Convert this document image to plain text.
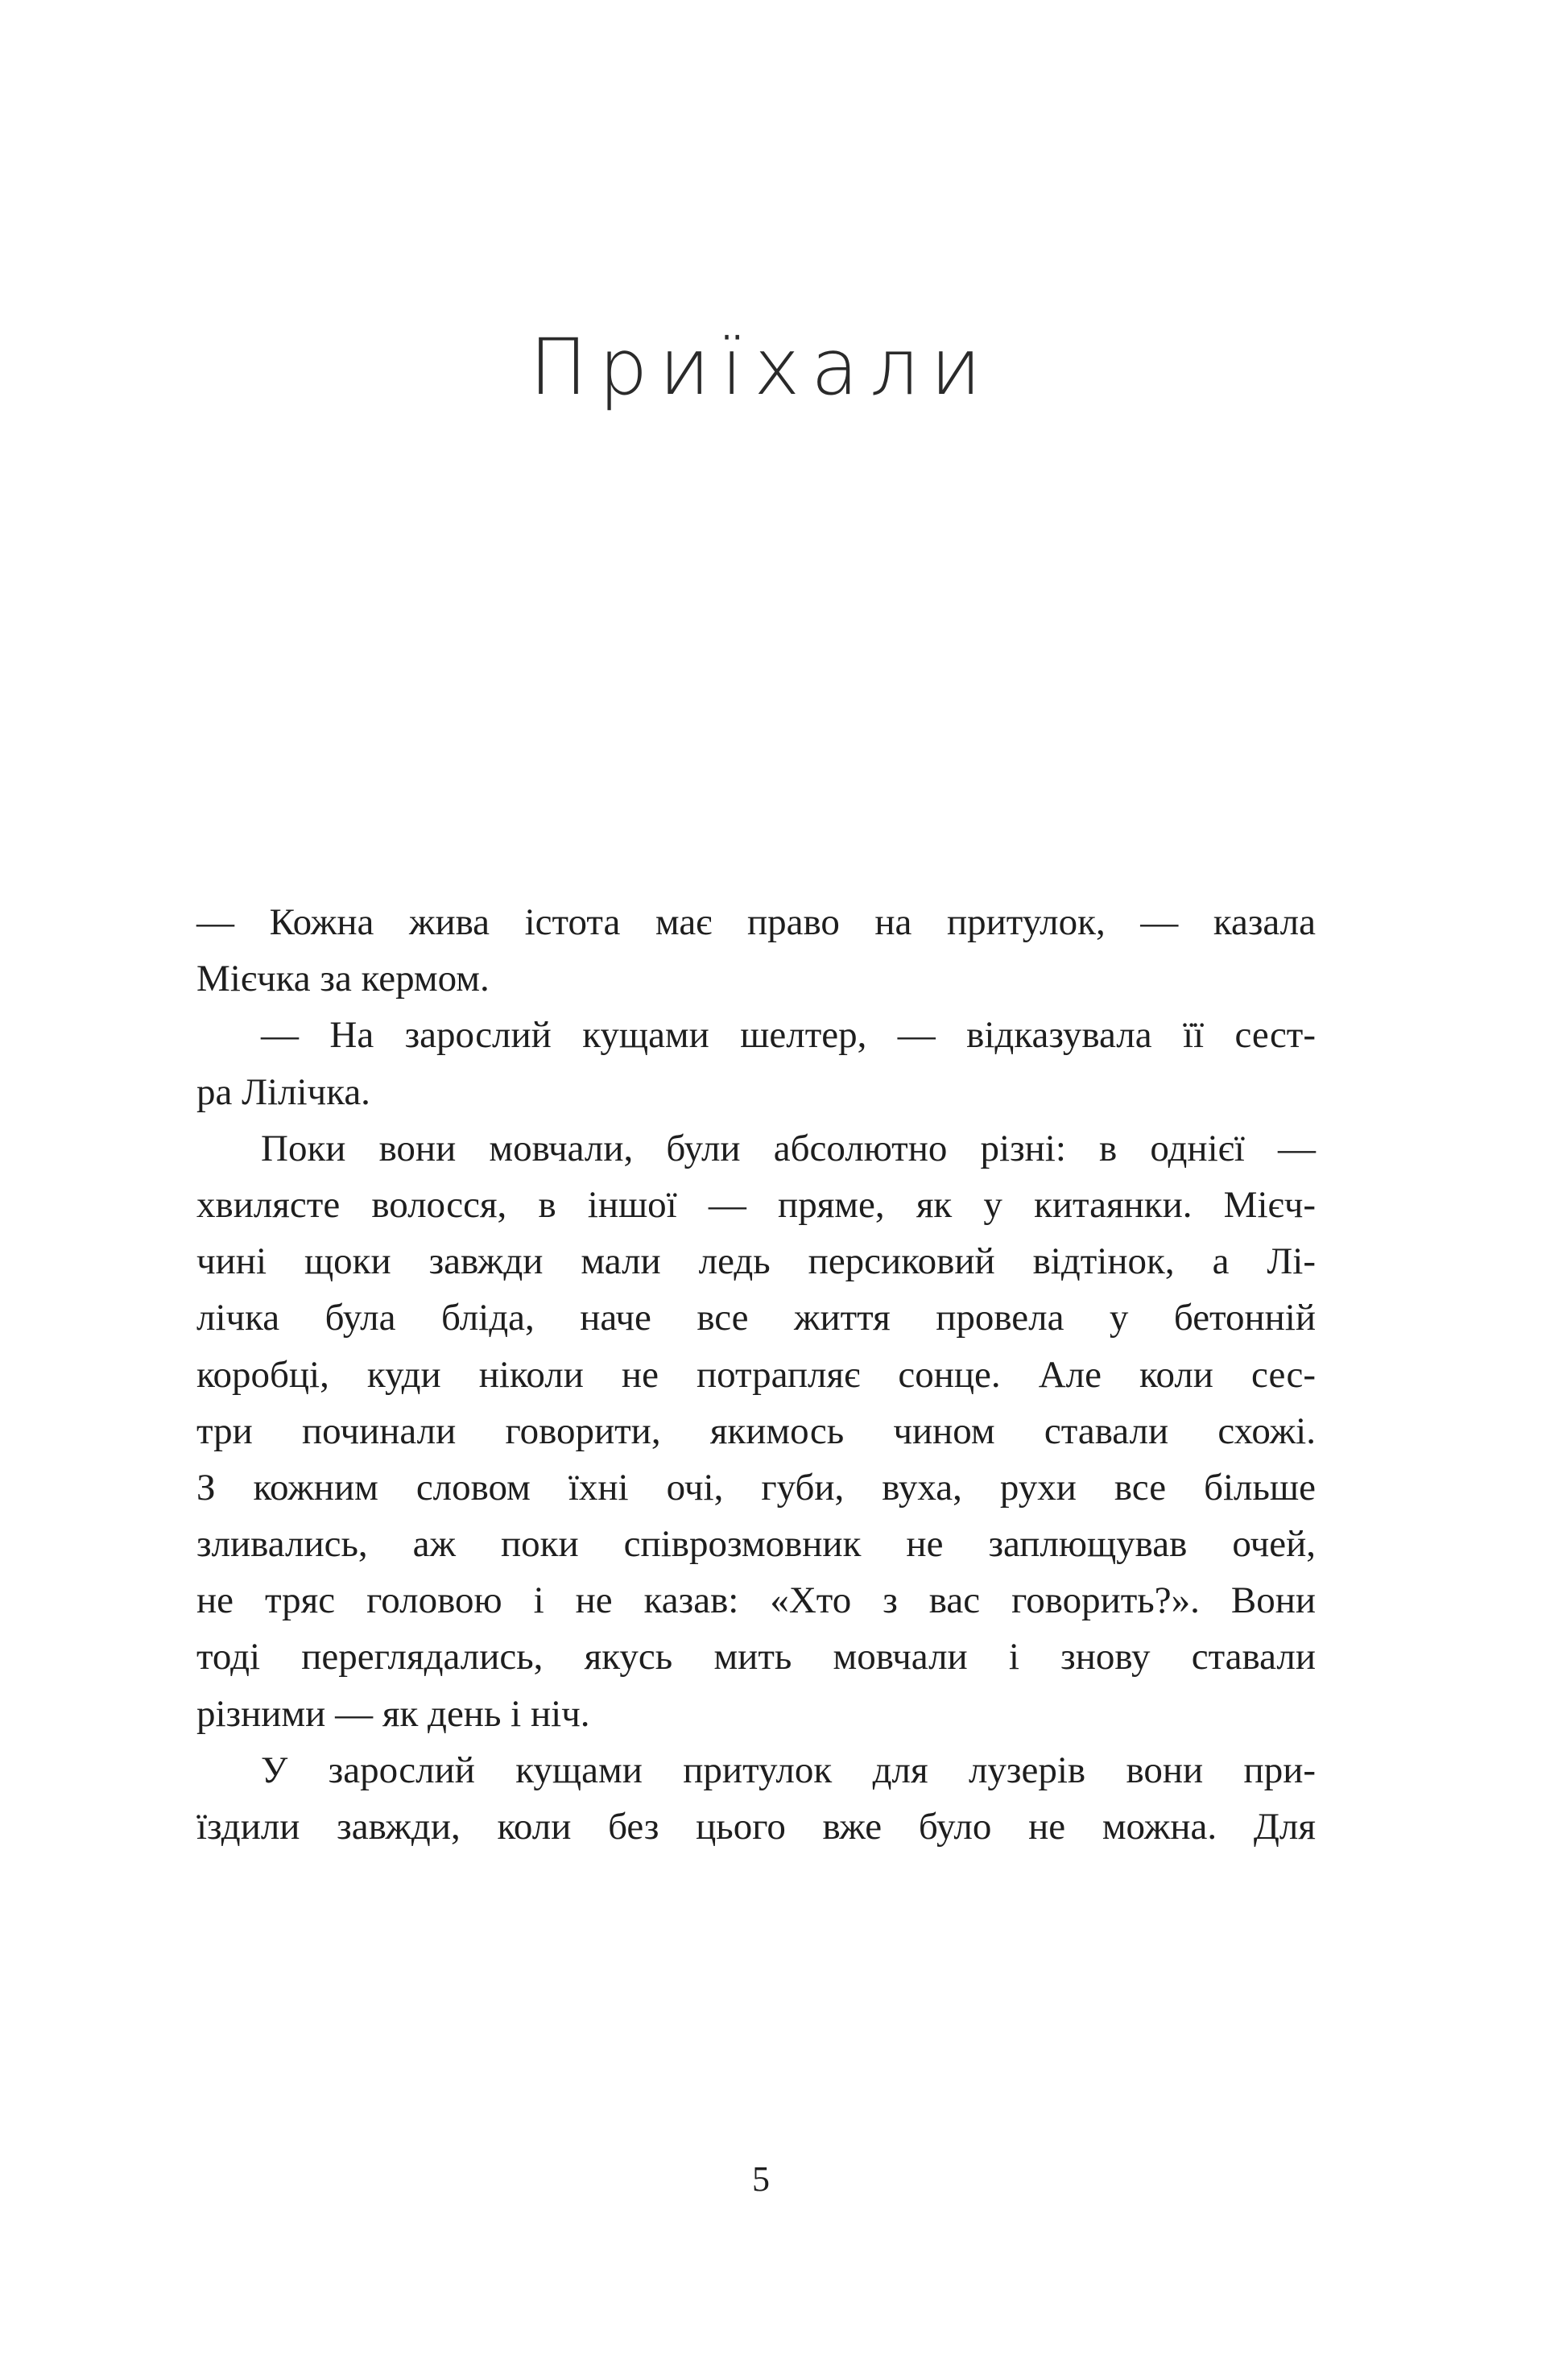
Приїхали
— Кожна жива істота має право на притулок, — казала
Мієчка за кермом.
— На зарослий кущами шелтер, — відказувала її сест-
ра Лілічка.
Поки вони мовчали, були абсолютно різні: в однієї —
хвилясте волосся, в іншої — пряме, як у китаянки. Мієч-
чині щоки завжди мали ледь персиковий відтінок, а Лі-
лічка була бліда, наче все життя провела у бетонній
коробці, куди ніколи не потрапляє сонце. Але коли сес-
три починали говорити, якимось чином ставали схожі.
З кожним словом їхні очі, губи, вуха, рухи все більше
зливались, аж поки співрозмовник не заплющував очей,
не тряс головою і не казав: «Хто з вас говорить?». Вони
тоді переглядались, якусь мить мовчали і знову ставали
різними — як день і ніч.
У зарослий кущами притулок для лузерів вони при-
їздили завжди, коли без цього вже було не можна. Для
5
